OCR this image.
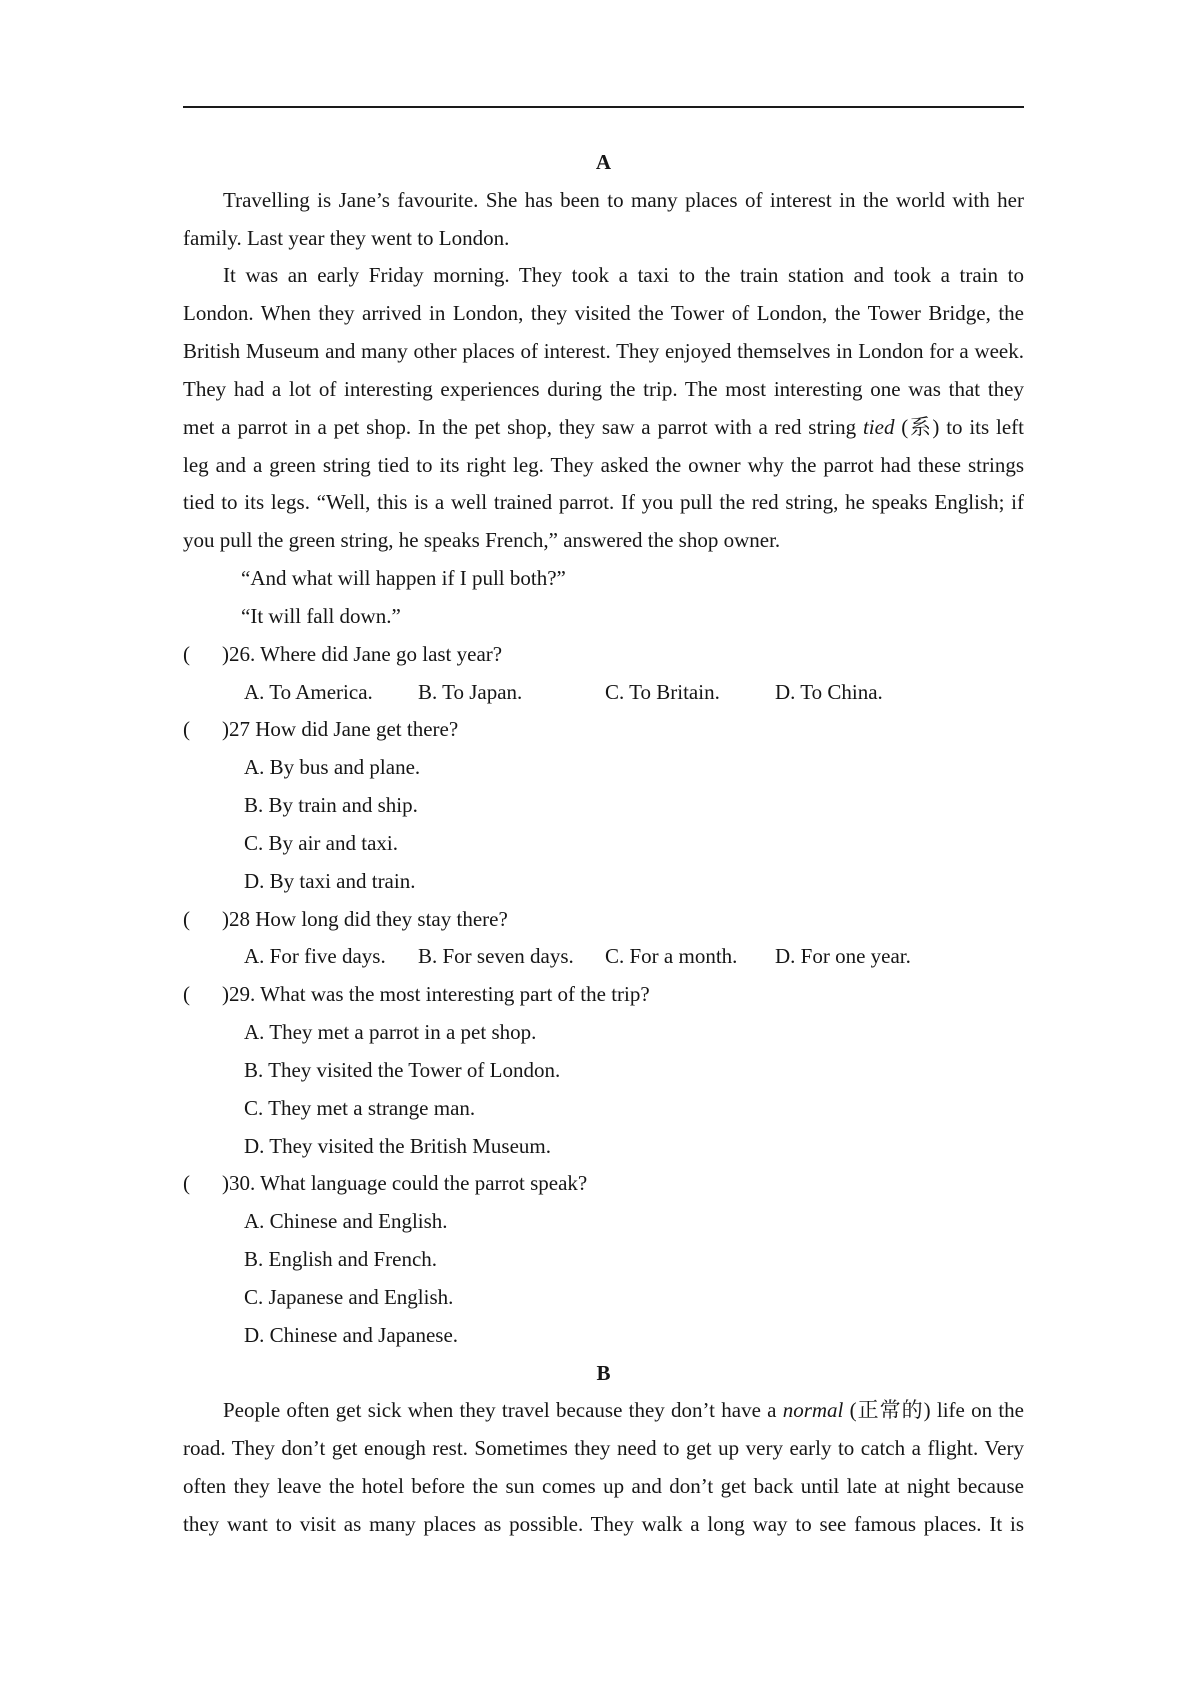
A
Travelling is Jane’s favourite. She has been to many places of interest in the world with her
family. Last year they went to London.
It was an early Friday morning. They took a taxi to the train station and took a train to
London. When they arrived in London, they visited the Tower of London, the Tower Bridge, the
British Museum and many other places of interest. They enjoyed themselves in London for a week.
They had a lot of interesting experiences during the trip. The most interesting one was that they
met a parrot in a pet shop. In the pet shop, they saw a parrot with a red string tied (系) to its left
leg and a green string tied to its right leg. They asked the owner why the parrot had these strings
tied to its legs. “Well, this is a well trained parrot. If you pull the red string, he speaks English; if
you pull the green string, he speaks French,” answered the shop owner.
“And what will happen if I pull both?”
“It will fall down.”
( )26. Where did Jane go last year?
A. To America. B. To Japan.	C. To Britain.	D. To China.
( )27 How did Jane get there?
A. By bus and plane.
B. By train and ship.
C. By air and taxi.
D. By taxi and train.
( )28 How long did they stay there?
A. For five days. B. For seven days. C. For a month. D. For one year.
( )29. What was the most interesting part of the trip?
A. They met a parrot in a pet shop.
B. They visited the Tower of London.
C. They met a strange man.
D. They visited the British Museum.
( )30. What language could the parrot speak?
A. Chinese and English.
B. English and French.
C. Japanese and English.
D. Chinese and Japanese.
B
People often get sick when they travel because they don’t have a normal (正常的) life on the
road. They don’t get enough rest. Sometimes they need to get up very early to catch a flight. Very
often they leave the hotel before the sun comes up and don’t get back until late at night because
they want to visit as many places as possible. They walk a long way to see famous places. It is
